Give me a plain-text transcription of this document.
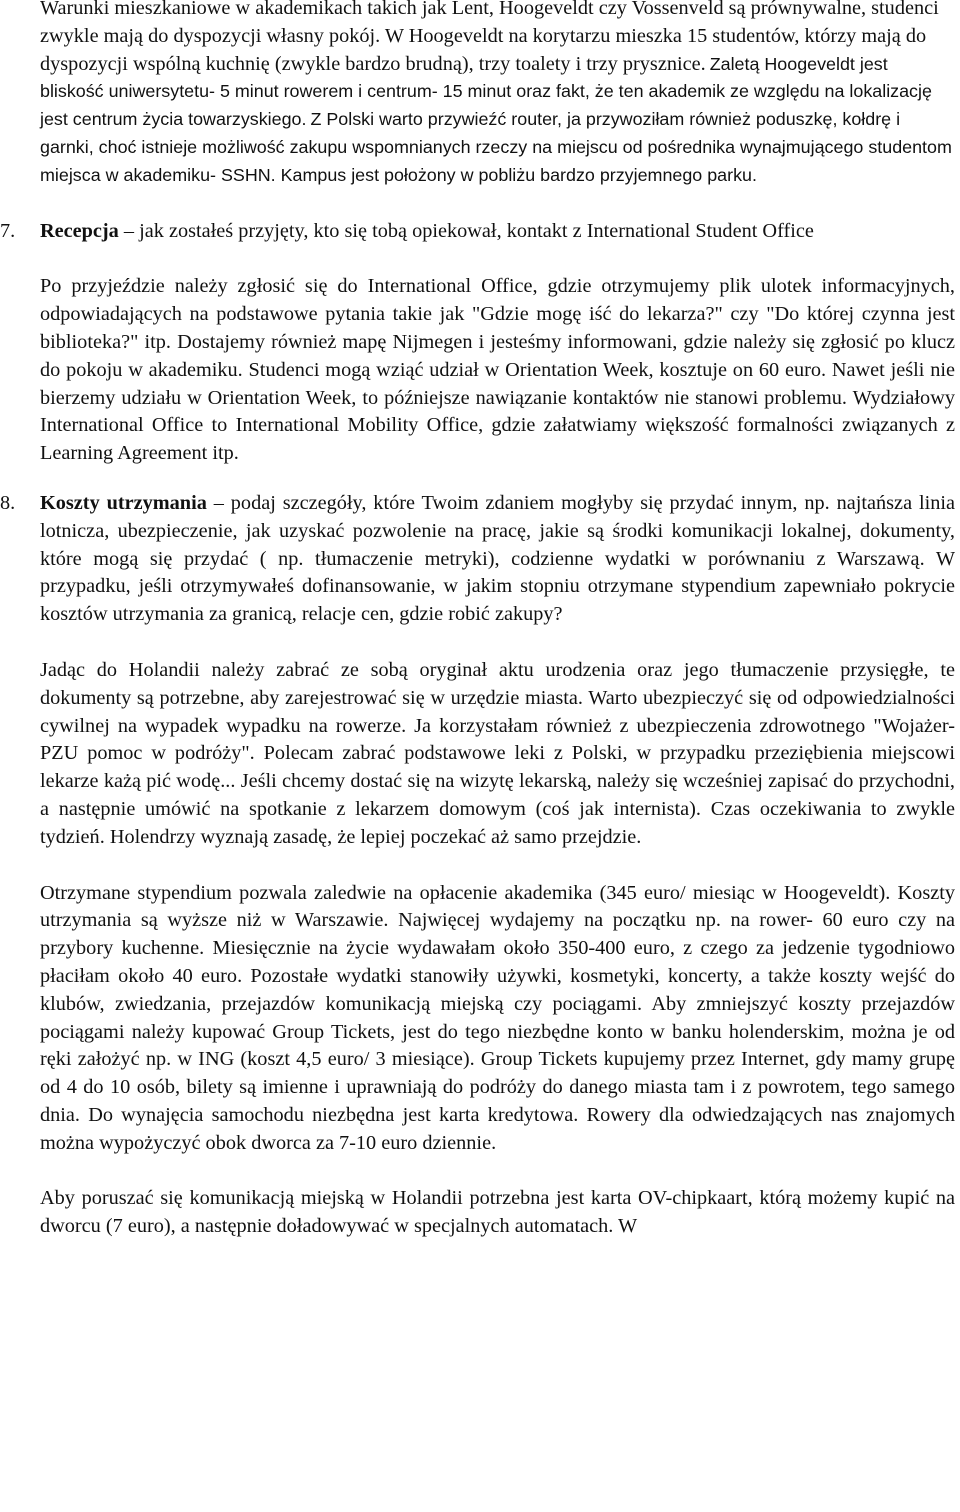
Warunki mieszkaniowe w akademikach takich jak Lent, Hoogeveldt czy Vossenveld są prównywalne, studenci zwykle mają do dyspozycji własny pokój. W Hoogeveldt na korytarzu mieszka 15 studentów, którzy mają do dyspozycji wspólną kuchnię (zwykle bardzo brudną), trzy toalety i trzy prysznice. Zaletą Hoogeveldt jest bliskość uniwersytetu- 5 minut rowerem i centrum- 15 minut oraz fakt, że ten akademik ze względu na lokalizację jest centrum życia towarzyskiego. Z Polski warto przywieźć router, ja przywoziłam również poduszkę, kołdrę i garnki, choć istnieje możliwość zakupu wspomnianych rzeczy na miejscu od pośrednika wynajmującego studentom miejsca w akademiku- SSHN. Kampus jest położony w pobliżu bardzo przyjemnego parku.

7.	Recepcja – jak zostałeś przyjęty, kto się tobą opiekował, kontakt z International Student Office

Po przyjeździe należy zgłosić się do International Office, gdzie otrzymujemy plik ulotek informacyjnych, odpowiadających na podstawowe pytania takie jak "Gdzie mogę iść do lekarza?" czy "Do której czynna jest biblioteka?" itp. Dostajemy również mapę Nijmegen i jesteśmy informowani, gdzie należy się zgłosić po klucz do pokoju w akademiku. Studenci mogą wziąć udział w Orientation Week, kosztuje on 60 euro. Nawet jeśli nie bierzemy udziału w Orientation Week, to późniejsze nawiązanie kontaktów nie stanowi problemu. Wydziałowy International Office to International Mobility Office, gdzie załatwiamy większość formalności związanych z Learning Agreement itp.

8.	Koszty utrzymania – podaj szczegóły, które Twoim zdaniem mogłyby się przydać innym, np. najtańsza linia lotnicza, ubezpieczenie, jak uzyskać pozwolenie na pracę, jakie są środki komunikacji lokalnej, dokumenty, które mogą się przydać ( np. tłumaczenie metryki), codzienne wydatki w porównaniu z Warszawą. W przypadku, jeśli otrzymywałeś dofinansowanie, w jakim stopniu otrzymane stypendium zapewniało pokrycie kosztów utrzymania za granicą, relacje cen, gdzie robić zakupy?

Jadąc do Holandii należy zabrać ze sobą oryginał aktu urodzenia oraz jego tłumaczenie przysięgłe, te dokumenty są potrzebne, aby zarejestrować się w urzędzie miasta. Warto ubezpieczyć się od odpowiedzialności cywilnej na wypadek wypadku na rowerze. Ja korzystałam również z ubezpieczenia zdrowotnego "Wojażer-PZU pomoc w podróży". Polecam zabrać podstawowe leki z Polski, w przypadku przeziębienia miejscowi lekarze każą pić wodę... Jeśli chcemy dostać się na wizytę lekarską, należy się wcześniej zapisać do przychodni, a następnie umówić na spotkanie z lekarzem domowym (coś jak internista). Czas oczekiwania to zwykle tydzień. Holendrzy wyznają zasadę, że lepiej poczekać aż samo przejdzie.

Otrzymane stypendium pozwala zaledwie na opłacenie akademika (345 euro/ miesiąc w Hoogeveldt). Koszty utrzymania są wyższe niż w Warszawie. Najwięcej wydajemy na początku np. na rower- 60 euro czy na przybory kuchenne. Miesięcznie na życie wydawałam około 350-400 euro, z czego za jedzenie tygodniowo płaciłam około 40 euro. Pozostałe wydatki stanowiły używki, kosmetyki, koncerty, a także koszty wejść do klubów, zwiedzania, przejazdów komunikacją miejską czy pociągami. Aby zmniejszyć koszty przejazdów pociągami należy kupować Group Tickets, jest do tego niezbędne konto w banku holenderskim, można je od ręki założyć np. w ING (koszt 4,5 euro/ 3 miesiące). Group Tickets kupujemy przez Internet, gdy mamy grupę od 4 do 10 osób, bilety są imienne i uprawniają do podróży do danego miasta tam i z powrotem, tego samego dnia. Do wynajęcia samochodu niezbędna jest karta kredytowa. Rowery dla odwiedzających nas znajomych można wypożyczyć obok dworca za 7-10 euro dziennie.

Aby poruszać się komunikacją miejską w Holandii potrzebna jest karta OV-chipkaart, którą możemy kupić na dworcu (7 euro), a następnie doładowywać w specjalnych automatach. W
